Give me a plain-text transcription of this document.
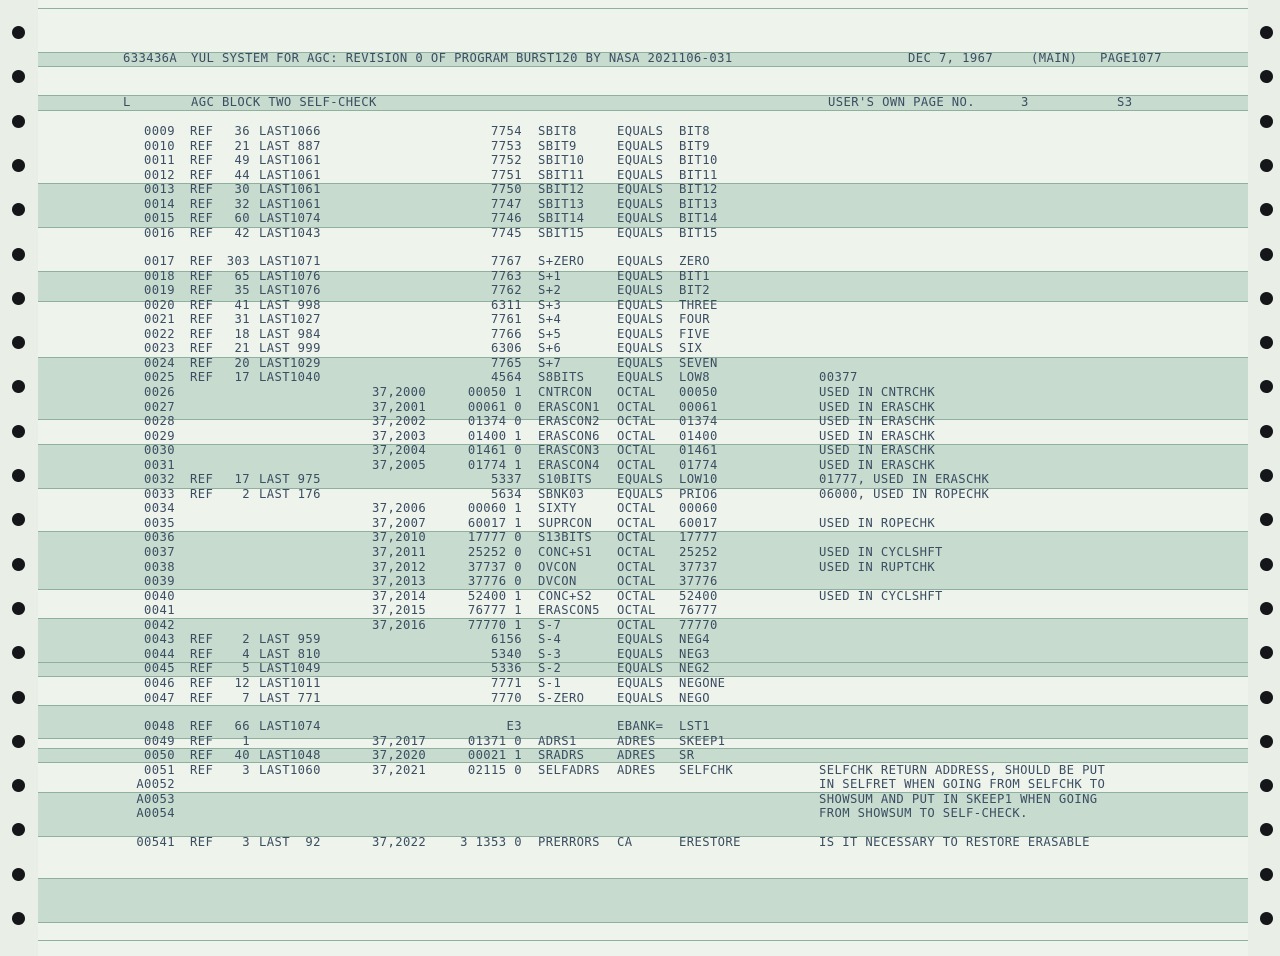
633436A YUL SYSTEM FOR AGC: REVISION 0 OF PROGRAM BURST120 BY NASA 2021106-031	DEC 7, 1967	(MAIN) PAGE1077
L	AGC BLOCK TWO SELF-CHECK	USER'S OWN PAGE NO.	3	S3
0009 REF	36 LAST1066	7754 SBIT8	EQUALS BIT8
0010 REF	21 LAST 887	7753 SBIT9	EQUALS BIT9
0011 REF	49 LAST1061	7752 SBIT10	EQUALS BIT10
0012 REF	44 LAST1061	7751 SBIT11	EQUALS BIT11
0013 REF	30 LAST1061	7750 SBIT12	EQUALS BIT12
0014 REF	32 LAST1061	7747 SBIT13	EQUALS BIT13
0015 REF	60 LAST1074	7746 SBIT14	EQUALS BIT14
0016 REF	42 LAST1043	7745 SBIT15	EQUALS BIT15
0017 REF	303 LAST1071	7767 S+ZERO	EQUALS ZERO
0018 REF	65 LAST1076	7763 S+1	EQUALS BIT1
0019 REF	35 LAST1076	7762 S+2	EQUALS BIT2
0020 REF	41 LAST 998	6311 S+3	EQUALS THREE
0021 REF	31 LAST1027	7761 S+4	EQUALS FOUR
0022 REF	18 LAST 984	7766 S+5	EQUALS FIVE
0023 REF	21 LAST 999	6306 S+6	EQUALS SIX
0024 REF	20 LAST1029	7765 S+7	EQUALS SEVEN
0025 REF	17 LAST1040	4564 S8BITS	EQUALS LOW8	00377
0026	37,2000	00050 1 CNTRCON OCTAL 00050	USED IN CNTRCHK
0027	37,2001	00061 0 ERASCON1 OCTAL 00061	USED IN ERASCHK
0028	37,2002	01374 0 ERASCON2 OCTAL 01374	USED IN ERASCHK
0029	37,2003	01400 1 ERASCON6 OCTAL 01400	USED IN ERASCHK
0030	37,2004	01461 0 ERASCON3 OCTAL 01461	USED IN ERASCHK
0031	37,2005	01774 1 ERASCON4 OCTAL 01774	USED IN ERASCHK
0032 REF	17 LAST 975	5337 S10BITS EQUALS LOW10	01777, USED IN ERASCHK
0033 REF	2 LAST 176	5634 SBNK03	EQUALS PRIO6	06000, USED IN ROPECHK
0034	37,2006	00060 1 SIXTY	OCTAL 00060
0035	37,2007	60017 1 SUPRCON OCTAL 60017	USED IN ROPECHK
0036	37,2010	17777 0 S13BITS OCTAL 17777
0037	37,2011	25252 0 CONC+S1 OCTAL 25252	USED IN CYCLSHFT
0038	37,2012	37737 0 OVCON	OCTAL 37737	USED IN RUPTCHK
0039	37,2013	37776 0 DVCON	OCTAL 37776
0040	37,2014	52400 1 CONC+S2 OCTAL 52400	USED IN CYCLSHFT
0041	37,2015	76777 1 ERASCON5 OCTAL 76777
0042	37,2016	77770 1 S-7	OCTAL 77770
0043 REF	2 LAST 959	6156 S-4	EQUALS NEG4
0044 REF	4 LAST 810	5340 S-3	EQUALS NEG3
0045 REF	5 LAST1049	5336 S-2	EQUALS NEG2
0046 REF	12 LAST1011	7771 S-1	EQUALS NEGONE
0047 REF	7 LAST 771	7770 S-ZERO	EQUALS NEGO
0048 REF	66 LAST1074	E3	EBANK= LST1
0049 REF	1	37,2017	01371 0 ADRS1	ADRES SKEEP1
0050 REF	40 LAST1048	37,2020	00021 1 SRADRS	ADRES SR
0051 REF	3 LAST1060	37,2021	02115 0 SELFADRS ADRES SELFCHK	SELFCHK RETURN ADDRESS, SHOULD BE PUT
A0052	IN SELFRET WHEN GOING FROM SELFCHK TO
A0053	SHOWSUM AND PUT IN SKEEP1 WHEN GOING
A0054	FROM SHOWSUM TO SELF-CHECK.
00541 REF	3 LAST  92	37,2022	3 1353 0 PRERRORS CA	ERESTORE	IS IT NECESSARY TO RESTORE ERASABLE
